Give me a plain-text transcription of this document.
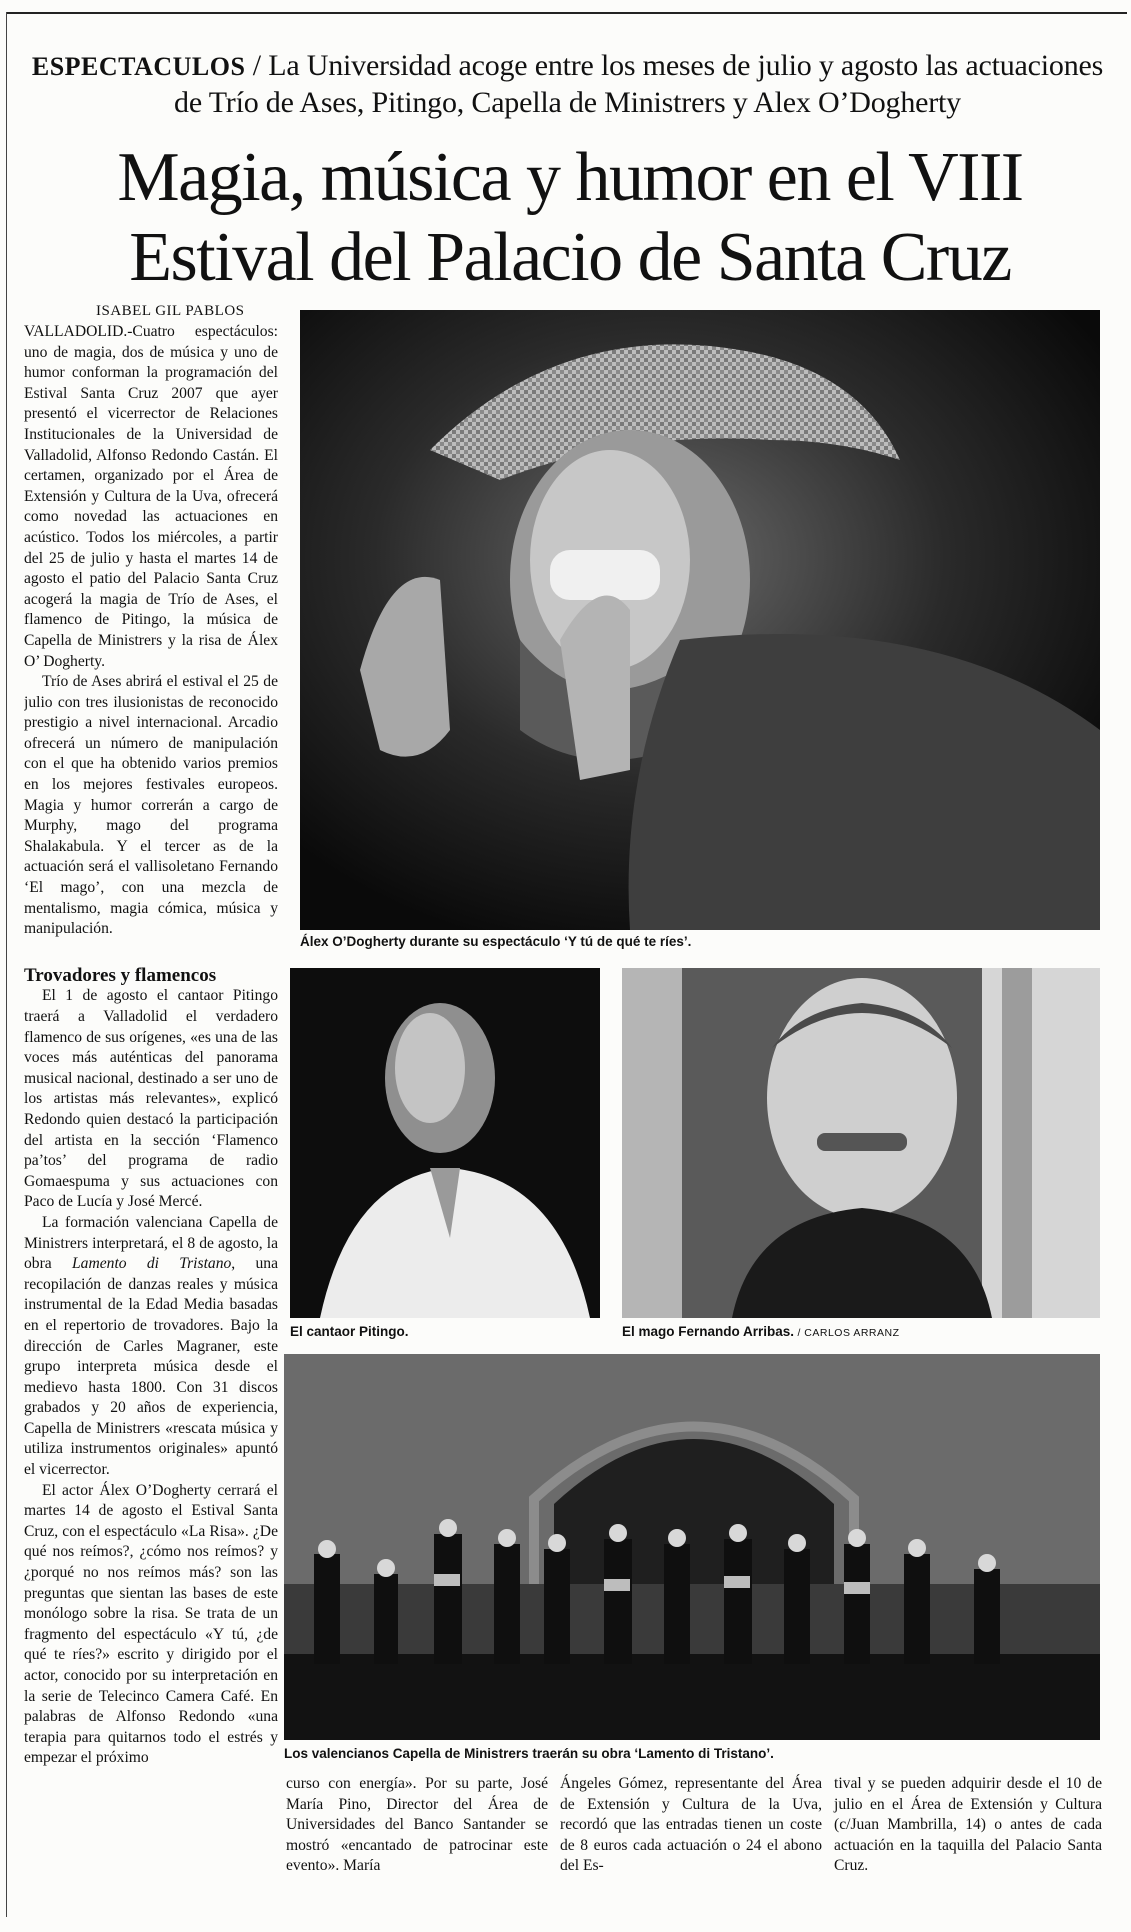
ESPECTACULOS / La Universidad acoge entre los meses de julio y agosto las actuaciones de Trío de Ases, Pitingo, Capella de Ministrers y Alex O’Dogherty
Magia, música y humor en el VIII
Estival del Palacio de Santa Cruz
ISABEL GIL PABLOS

VALLADOLID.-Cuatro espectáculos: uno de magia, dos de música y uno de humor conforman la programación del Estival Santa Cruz 2007 que ayer presentó el vicerrector de Relaciones Institucionales de la Universidad de Valladolid, Alfonso Redondo Castán. El certamen, organizado por el Área de Extensión y Cultura de la Uva, ofrecerá como novedad las actuaciones en acústico. Todos los miércoles, a partir del 25 de julio y hasta el martes 14 de agosto el patio del Palacio Santa Cruz acogerá la magia de Trío de Ases, el flamenco de Pitingo, la música de Capella de Ministrers y la risa de Álex O’ Dogherty.

Trío de Ases abrirá el estival el 25 de julio con tres ilusionistas de reconocido prestigio a nivel internacional. Arcadio ofrecerá un número de manipulación con el que ha obtenido varios premios en los mejores festivales europeos. Magia y humor correrán a cargo de Murphy, mago del programa Shalakabula. Y el tercer as de la actuación será el vallisoletano Fernando ‘El mago’, con una mezcla de mentalismo, magia cómica, música y manipulación.

Trovadores y flamencos

El 1 de agosto el cantaor Pitingo traerá a Valladolid el verdadero flamenco de sus orígenes, «es una de las voces más auténticas del panorama musical nacional, destinado a ser uno de los artistas más relevantes», explicó Redondo quien destacó la participación del artista en la sección ‘Flamenco pa’tos’ del programa de radio Gomaespuma y sus actuaciones con Paco de Lucía y José Mercé.

La formación valenciana Capella de Ministrers interpretará, el 8 de agosto, la obra Lamento di Tristano, una recopilación de danzas reales y música instrumental de la Edad Media basadas en el repertorio de trovadores. Bajo la dirección de Carles Magraner, este grupo interpreta música desde el medievo hasta 1800. Con 31 discos grabados y 20 años de experiencia, Capella de Ministrers «rescata música y utiliza instrumentos originales» apuntó el vicerrector.

El actor Álex O’Dogherty cerrará el martes 14 de agosto el Estival Santa Cruz, con el espectáculo «La Risa». ¿De qué nos reímos?, ¿cómo nos reímos? y ¿porqué no nos reímos más? son las preguntas que sientan las bases de este monólogo sobre la risa. Se trata de un fragmento del espectáculo «Y tú, ¿de qué te ríes?» escrito y dirigido por el actor, conocido por su interpretación en la serie de Telecinco Camera Café. En palabras de Alfonso Redondo «una terapia para quitarnos todo el estrés y empezar el próximo

Álex O’Dogherty durante su espectáculo ‘Y tú de qué te ríes’.
El cantaor Pitingo.	El mago Fernando Arribas. / CARLOS ARRANZ
Los valencianos Capella de Ministrers traerán su obra ‘Lamento di Tristano’.

curso con energía». Por su parte, José María Pino, Director del Área de Universidades del Banco Santander se mostró «encantado de patrocinar este evento». María

Ángeles Gómez, representante del Área de Extensión y Cultura de la Uva, recordó que las entradas tienen un coste de 8 euros cada actuación o 24 el abono del Es-

tival y se pueden adquirir desde el 10 de julio en el Área de Extensión y Cultura (c/Juan Mambrilla, 14) o antes de cada actuación en la taquilla del Palacio Santa Cruz.
